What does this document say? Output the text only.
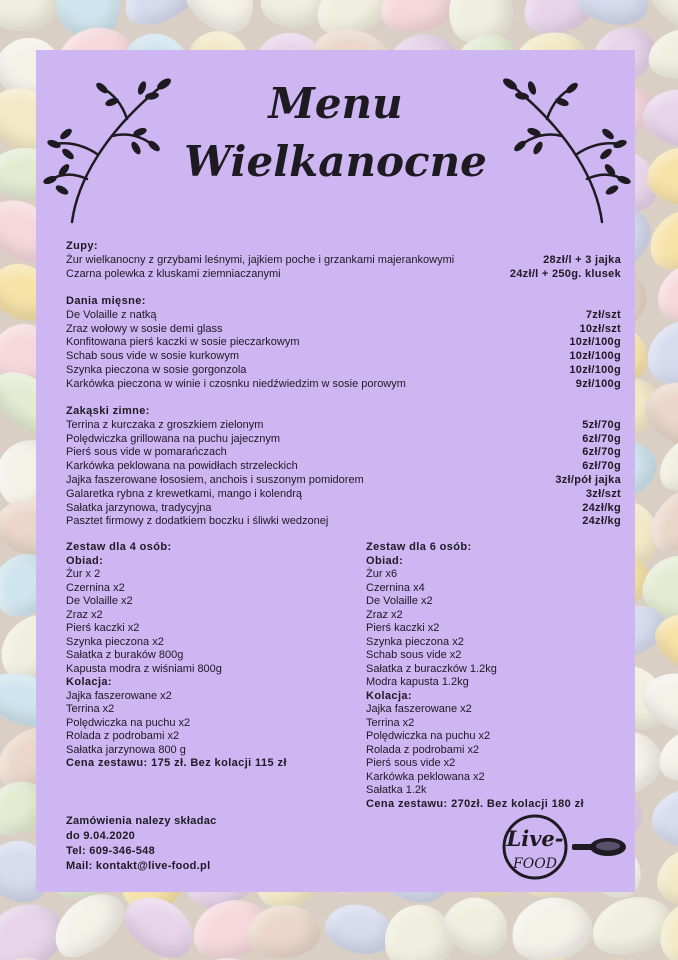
Menu
Wielkanocne
Zupy:
Żur wielkanocny z grzybami leśnymi, jajkiem poche i grzankami majerankowymi	28zł/l + 3 jajka
Czarna polewka z kluskami ziemniaczanymi	24zł/l + 250g. klusek
Dania mięsne:
De Volaille z natką	7zł/szt
Zraz wołowy w sosie demi glass	10zł/szt
Konfitowana pierś kaczki w sosie pieczarkowym	10zł/100g
Schab sous vide w sosie kurkowym	10zł/100g
Szynka pieczona w sosie gorgonzola	10zł/100g
Karkówka pieczona w winie i czosnku niedźwiedzim w sosie porowym	9zł/100g
Zakąski zimne:
Terrina z kurczaka z groszkiem zielonym	5zł/70g
Polędwiczka grillowana na puchu jajecznym	6zł/70g
Pierś sous vide w pomarańczach	6zł/70g
Karkówka peklowana na powidłach strzeleckich	6zł/70g
Jajka faszerowane łososiem, anchois i suszonym pomidorem	3zł/pół jajka
Galaretka rybna z krewetkami, mango i kolendrą	3zł/szt
Sałatka jarzynowa, tradycyjna	24zł/kg
Pasztet firmowy z dodatkiem boczku i śliwki wedzonej	24zł/kg
Zestaw dla 4 osób:
Obiad:
Żur x 2
Czernina x2
De Volaille x2
Zraz x2
Pierś kaczki x2
Szynka pieczona x2
Sałatka z buraków 800g
Kapusta modra z wiśniami 800g
Kolacja:
Jajka faszerowane x2
Terrina x2
Polędwiczka na puchu x2
Rolada z podrobami x2
Sałatka jarzynowa 800 g
Cena zestawu: 175 zł. Bez kolacji 115 zł
Zestaw dla 6 osób:
Obiad:
Żur x6
Czernina x4
De Volaille x2
Zraz x2
Pierś kaczki x2
Szynka pieczona x2
Schab sous vide x2
Sałatka z buraczków 1.2kg
Modra kapusta 1.2kg
Kolacja:
Jajka faszerowane x2
Terrina x2
Polędwiczka na puchu x2
Rolada z podrobami x2
Pierś sous vide x2
Karkówka peklowana x2
Sałatka 1.2k
Cena zestawu: 270zł. Bez kolacji 180 zł
Zamówienia nalezy składac
do 9.04.2020
Tel: 609-346-548
Mail: kontakt@live-food.pl
Live-
FOOD
